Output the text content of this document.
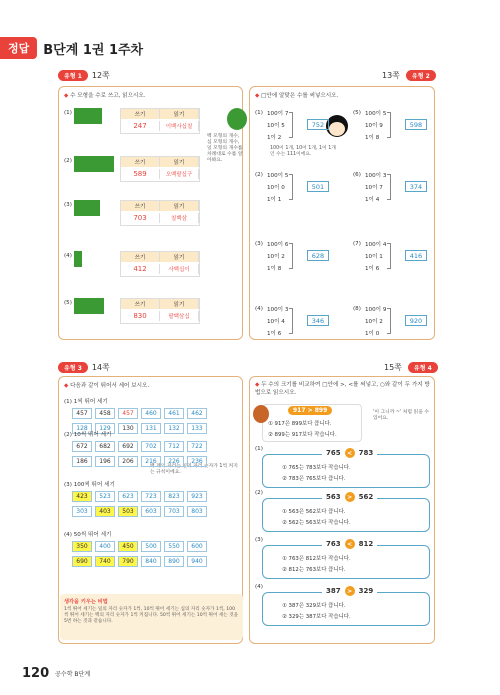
정답	B단계 1권 1주차
유형 1	12쪽	13쪽	유형 2
◆ 수 모형을 수로 쓰고, 읽으시오.	◆ □안에 알맞은 수를 써넣으시오.
백 모형의 개수, 십 모형의 개수, 일 모형의 개수를 차례대로 수를 알아봐요.
100이 1개, 10이 1개, 1이 1개인 수는 111이에요.
유형 3	14쪽	15쪽	유형 4
◆ 다음과 같이 뛰어서 세어 보시오.	◆ 두 수의 크기를 비교하여 □안에 >, <를 써넣고, ○와 같이 두 가지 방법으로 읽으시오.
백 계의 자리는 일의 자리 숫자가 1씩 커지는 규칙이에요.
생각을 키우는 비법
1씩 뛰어 세기는 일의 자리 숫자가 1씩, 10씩 뛰어 세기는 십의 자리 숫자가 1씩, 100씩 뛰어 세기는 백의 자리 숫자가 1씩 커집니다. 50씩 뛰어 세기는 10씩 뛰어 세는 것을 5번 하는 것과 같습니다.
917 > 899
① 917은 899보다 큽니다.
② 899는 917보다 작습니다.
'이 그니까 ~' 처럼 읽을 수 있어요.
120 공수학 B단계
(1)	쓰기	읽기
247	이백사십칠
(2)	쓰기	읽기
589	오백팔십구
(3)	쓰기	읽기
703	칠백삼
(4)	쓰기	읽기
412	사백십이
(5)	쓰기	읽기
830	팔백삼십
(1) 100이 7
10이 5
1이 2
752
(2) 100이 5
10이 0
1이 1
501
(3) 100이 6
10이 2
1이 8
628
(4) 100이 3
10이 4
1이 6
346
(5) 100이 5
10이 9
1이 8
598
(6) 100이 3
10이 7
1이 4
374
(7) 100이 4
10이 1
1이 6
416
(8) 100이 9
10이 2
1이 0
920
(1) 1씩 뛰어 세기
457	458	457	460	461	462
128	129	130	131	132	133
(2) 10씩 뛰어 세기
672	682	692	702	712	722
186	196	206	216	226	236
(3) 100씩 뛰어 세기
423	523	623	723	823	923
303	403	503	603	703	803
(4) 50씩 뛰어 세기
350	400	450	500	550	600
690	740	790	840	890	940
(1)	765	< 783
① 765는 783보다 작습니다.
② 783은 765보다 큽니다.
(2)	563	> 562
① 563은 562보다 큽니다.
② 562는 563보다 작습니다.
(3)	763	< 812
① 763은 812보다 작습니다.
② 812는 763보다 큽니다.
(4)	387	> 329
① 387은 329보다 큽니다.
② 329는 387보다 작습니다.
